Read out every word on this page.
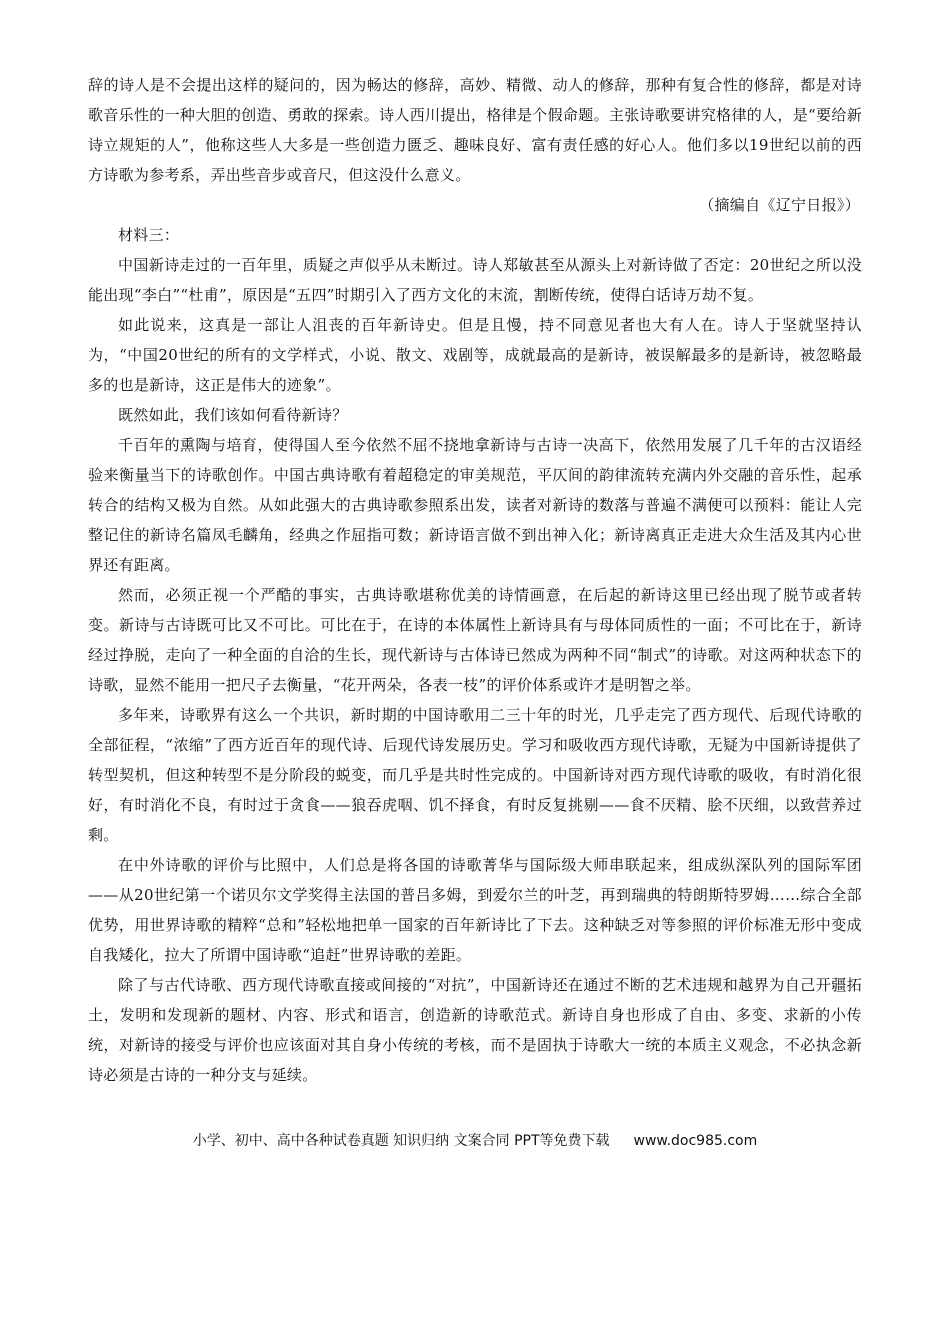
辞的诗人是不会提出这样的疑问的，因为畅达的修辞，高妙、精微、动人的修辞，那种有复合性的修辞，都是对诗歌音乐性的一种大胆的创造、勇敢的探索。诗人西川提出，格律是个假命题。主张诗歌要讲究格律的人，是“要给新诗立规矩的人”，他称这些人大多是一些创造力匮乏、趣味良好、富有责任感的好心人。他们多以19世纪以前的西方诗歌为参考系，弄出些音步或音尺，但这没什么意义。

（摘编自《辽宁日报》）

材料三：

中国新诗走过的一百年里，质疑之声似乎从未断过。诗人郑敏甚至从源头上对新诗做了否定：20世纪之所以没能出现“李白”“杜甫”，原因是“五四”时期引入了西方文化的末流，割断传统，使得白话诗万劫不复。

如此说来，这真是一部让人沮丧的百年新诗史。但是且慢，持不同意见者也大有人在。诗人于坚就坚持认为，“中国20世纪的所有的文学样式，小说、散文、戏剧等，成就最高的是新诗，被误解最多的是新诗，被忽略最多的也是新诗，这正是伟大的迹象”。

既然如此，我们该如何看待新诗？

千百年的熏陶与培育，使得国人至今依然不屈不挠地拿新诗与古诗一决高下，依然用发展了几千年的古汉语经验来衡量当下的诗歌创作。中国古典诗歌有着超稳定的审美规范，平仄间的韵律流转充满内外交融的音乐性，起承转合的结构又极为自然。从如此强大的古典诗歌参照系出发，读者对新诗的数落与普遍不满便可以预料：能让人完整记住的新诗名篇凤毛麟角，经典之作屈指可数；新诗语言做不到出神入化；新诗离真正走进大众生活及其内心世界还有距离。

然而，必须正视一个严酷的事实，古典诗歌堪称优美的诗情画意，在后起的新诗这里已经出现了脱节或者转变。新诗与古诗既可比又不可比。可比在于，在诗的本体属性上新诗具有与母体同质性的一面；不可比在于，新诗经过挣脱，走向了一种全面的自洽的生长，现代新诗与古体诗已然成为两种不同“制式”的诗歌。对这两种状态下的诗歌，显然不能用一把尺子去衡量，“花开两朵，各表一枝”的评价体系或许才是明智之举。

多年来，诗歌界有这么一个共识，新时期的中国诗歌用二三十年的时光，几乎走完了西方现代、后现代诗歌的全部征程，“浓缩”了西方近百年的现代诗、后现代诗发展历史。学习和吸收西方现代诗歌，无疑为中国新诗提供了转型契机，但这种转型不是分阶段的蜕变，而几乎是共时性完成的。中国新诗对西方现代诗歌的吸收，有时消化很好，有时消化不良，有时过于贪食——狼吞虎咽、饥不择食，有时反复挑剔——食不厌精、脍不厌细，以致营养过剩。

在中外诗歌的评价与比照中，人们总是将各国的诗歌菁华与国际级大师串联起来，组成纵深队列的国际军团——从20世纪第一个诺贝尔文学奖得主法国的普吕多姆，到爱尔兰的叶芝，再到瑞典的特朗斯特罗姆……综合全部优势，用世界诗歌的精粹“总和”轻松地把单一国家的百年新诗比了下去。这种缺乏对等参照的评价标准无形中变成自我矮化，拉大了所谓中国诗歌“追赶”世界诗歌的差距。

除了与古代诗歌、西方现代诗歌直接或间接的“对抗”，中国新诗还在通过不断的艺术违规和越界为自己开疆拓土，发明和发现新的题材、内容、形式和语言，创造新的诗歌范式。新诗自身也形成了自由、多变、求新的小传统，对新诗的接受与评价也应该面对其自身小传统的考核，而不是固执于诗歌大一统的本质主义观念，不必执念新诗必须是古诗的一种分支与延续。

小学、初中、高中各种试卷真题 知识归纳 文案合同 PPT等免费下载 www.doc985.com
